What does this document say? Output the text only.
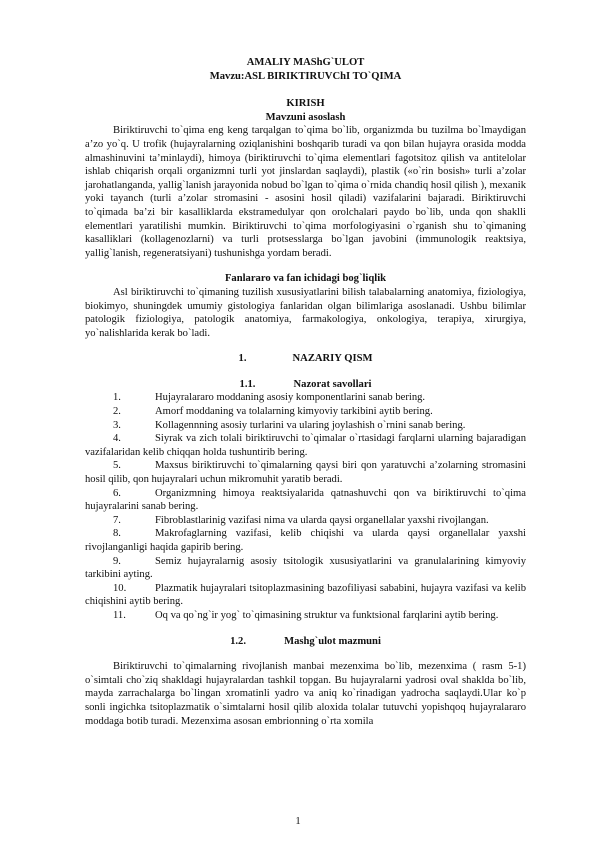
AMALIY MAShG`ULOT
Mavzu:ASL BIRIKTIRUVChI TO`QIMA
KIRISH
Mavzuni asoslash
Biriktiruvchi to`qima eng keng tarqalgan to`qima bo`lib, organizmda bu tuzilma bo`lmaydigan a’zo yo`q. U trofik (hujayralarning oziqlanishini boshqarib turadi va qon bilan hujayra orasida modda almashinuvini ta’minlaydi), himoya (biriktiruvchi to`qima elementlari fagotsitoz qilish va antitelolar ishlab chiqarish orqali organizmni turli yot jinslardan saqlaydi), plastik («o`rin bosish» turli a’zolar jarohatlanganda, yallig`lanish jarayonida nobud bo`lgan to`qima o`rnida chandiq hosil qilish ), mexanik yoki tayanch (turli a’zolar stromasini - asosini hosil qiladi) vazifalarini bajaradi. Biriktiruvchi to`qimada ba’zi bir kasalliklarda ekstramedulyar qon orolchalari paydo bo`lib, unda qon shaklli elementlari yaratilishi mumkin. Biriktiruvchi to`qima morfologiyasini o`rganish shu to`qimaning kasalliklari (kollagenozlarni) va turli protsesslarga bo`lgan javobini (immunologik reaktsiya, yallig`lanish, regeneratsiyani) tushunishga yordam beradi.
Fanlararo va fan ichidagi bog`liqlik
Asl biriktiruvchi to`qimaning tuzilish xususiyatlarini bilish talabalarning anatomiya, fiziologiya, biokimyo, shuningdek umumiy gistologiya fanlaridan olgan bilimlariga asoslanadi. Ushbu bilimlar patologik fiziologiya, patologik anatomiya, farmakologiya, onkologiya, terapiya, xirurgiya, yo`nalishlarida kerak bo`ladi.
1.	NAZARIY QISM
1.1.	Nazorat savollari
1.	Hujayralararo moddaning asosiy komponentlarini sanab bering.
2.	Amorf moddaning va tolalarning kimyoviy tarkibini aytib bering.
3.	Kollagennning asosiy turlarini va ularing joylashish o`rnini sanab bering.
4.	Siyrak va zich tolali biriktiruvchi to`qimalar o`rtasidagi farqlarni ularning bajaradigan vazifalaridan kelib chiqqan holda tushuntirib bering.
5.	Maxsus biriktiruvchi to`qimalarning qaysi biri qon yaratuvchi a’zolarning stromasini hosil qilib, qon hujayralari uchun mikromuhit yaratib beradi.
6.	Organizmning himoya reaktsiyalarida qatnashuvchi qon va biriktiruvchi to`qima hujayralarini sanab bering.
7.	Fibroblastlarinig vazifasi nima va ularda qaysi organellalar yaxshi rivojlangan.
8.	Makrofaglarning vazifasi, kelib chiqishi va ularda qaysi organellalar yaxshi rivojlanganligi haqida gapirib bering.
9.	Semiz hujayralarnig asosiy tsitologik xususiyatlarini va granulalarining kimyoviy tarkibini ayting.
10.	Plazmatik hujayralari tsitoplazmasining bazofiliyasi sababini, hujayra vazifasi va kelib chiqishini aytib bering.
11.	Oq va qo`ng`ir yog` to`qimasining struktur va funktsional farqlarini aytib bering.
1.2.	Mashg`ulot mazmuni
Biriktiruvchi to`qimalarning rivojlanish manbai mezenxima bo`lib, mezenxima ( rasm 5-1) o`simtali cho`ziq shakldagi hujayralardan tashkil topgan. Bu hujayralarni yadrosi oval shaklda bo`lib, mayda zarrachalarga bo`lingan xromatinli yadro va aniq ko`rinadigan yadrocha saqlaydi.Ular ko`p sonli ingichka tsitoplazmatik o`simtalarni hosil qilib aloxida tolalar tutuvchi yopishqoq hujayralararo moddaga botib turadi. Mezenxima asosan embrionning o`rta xomila
1
